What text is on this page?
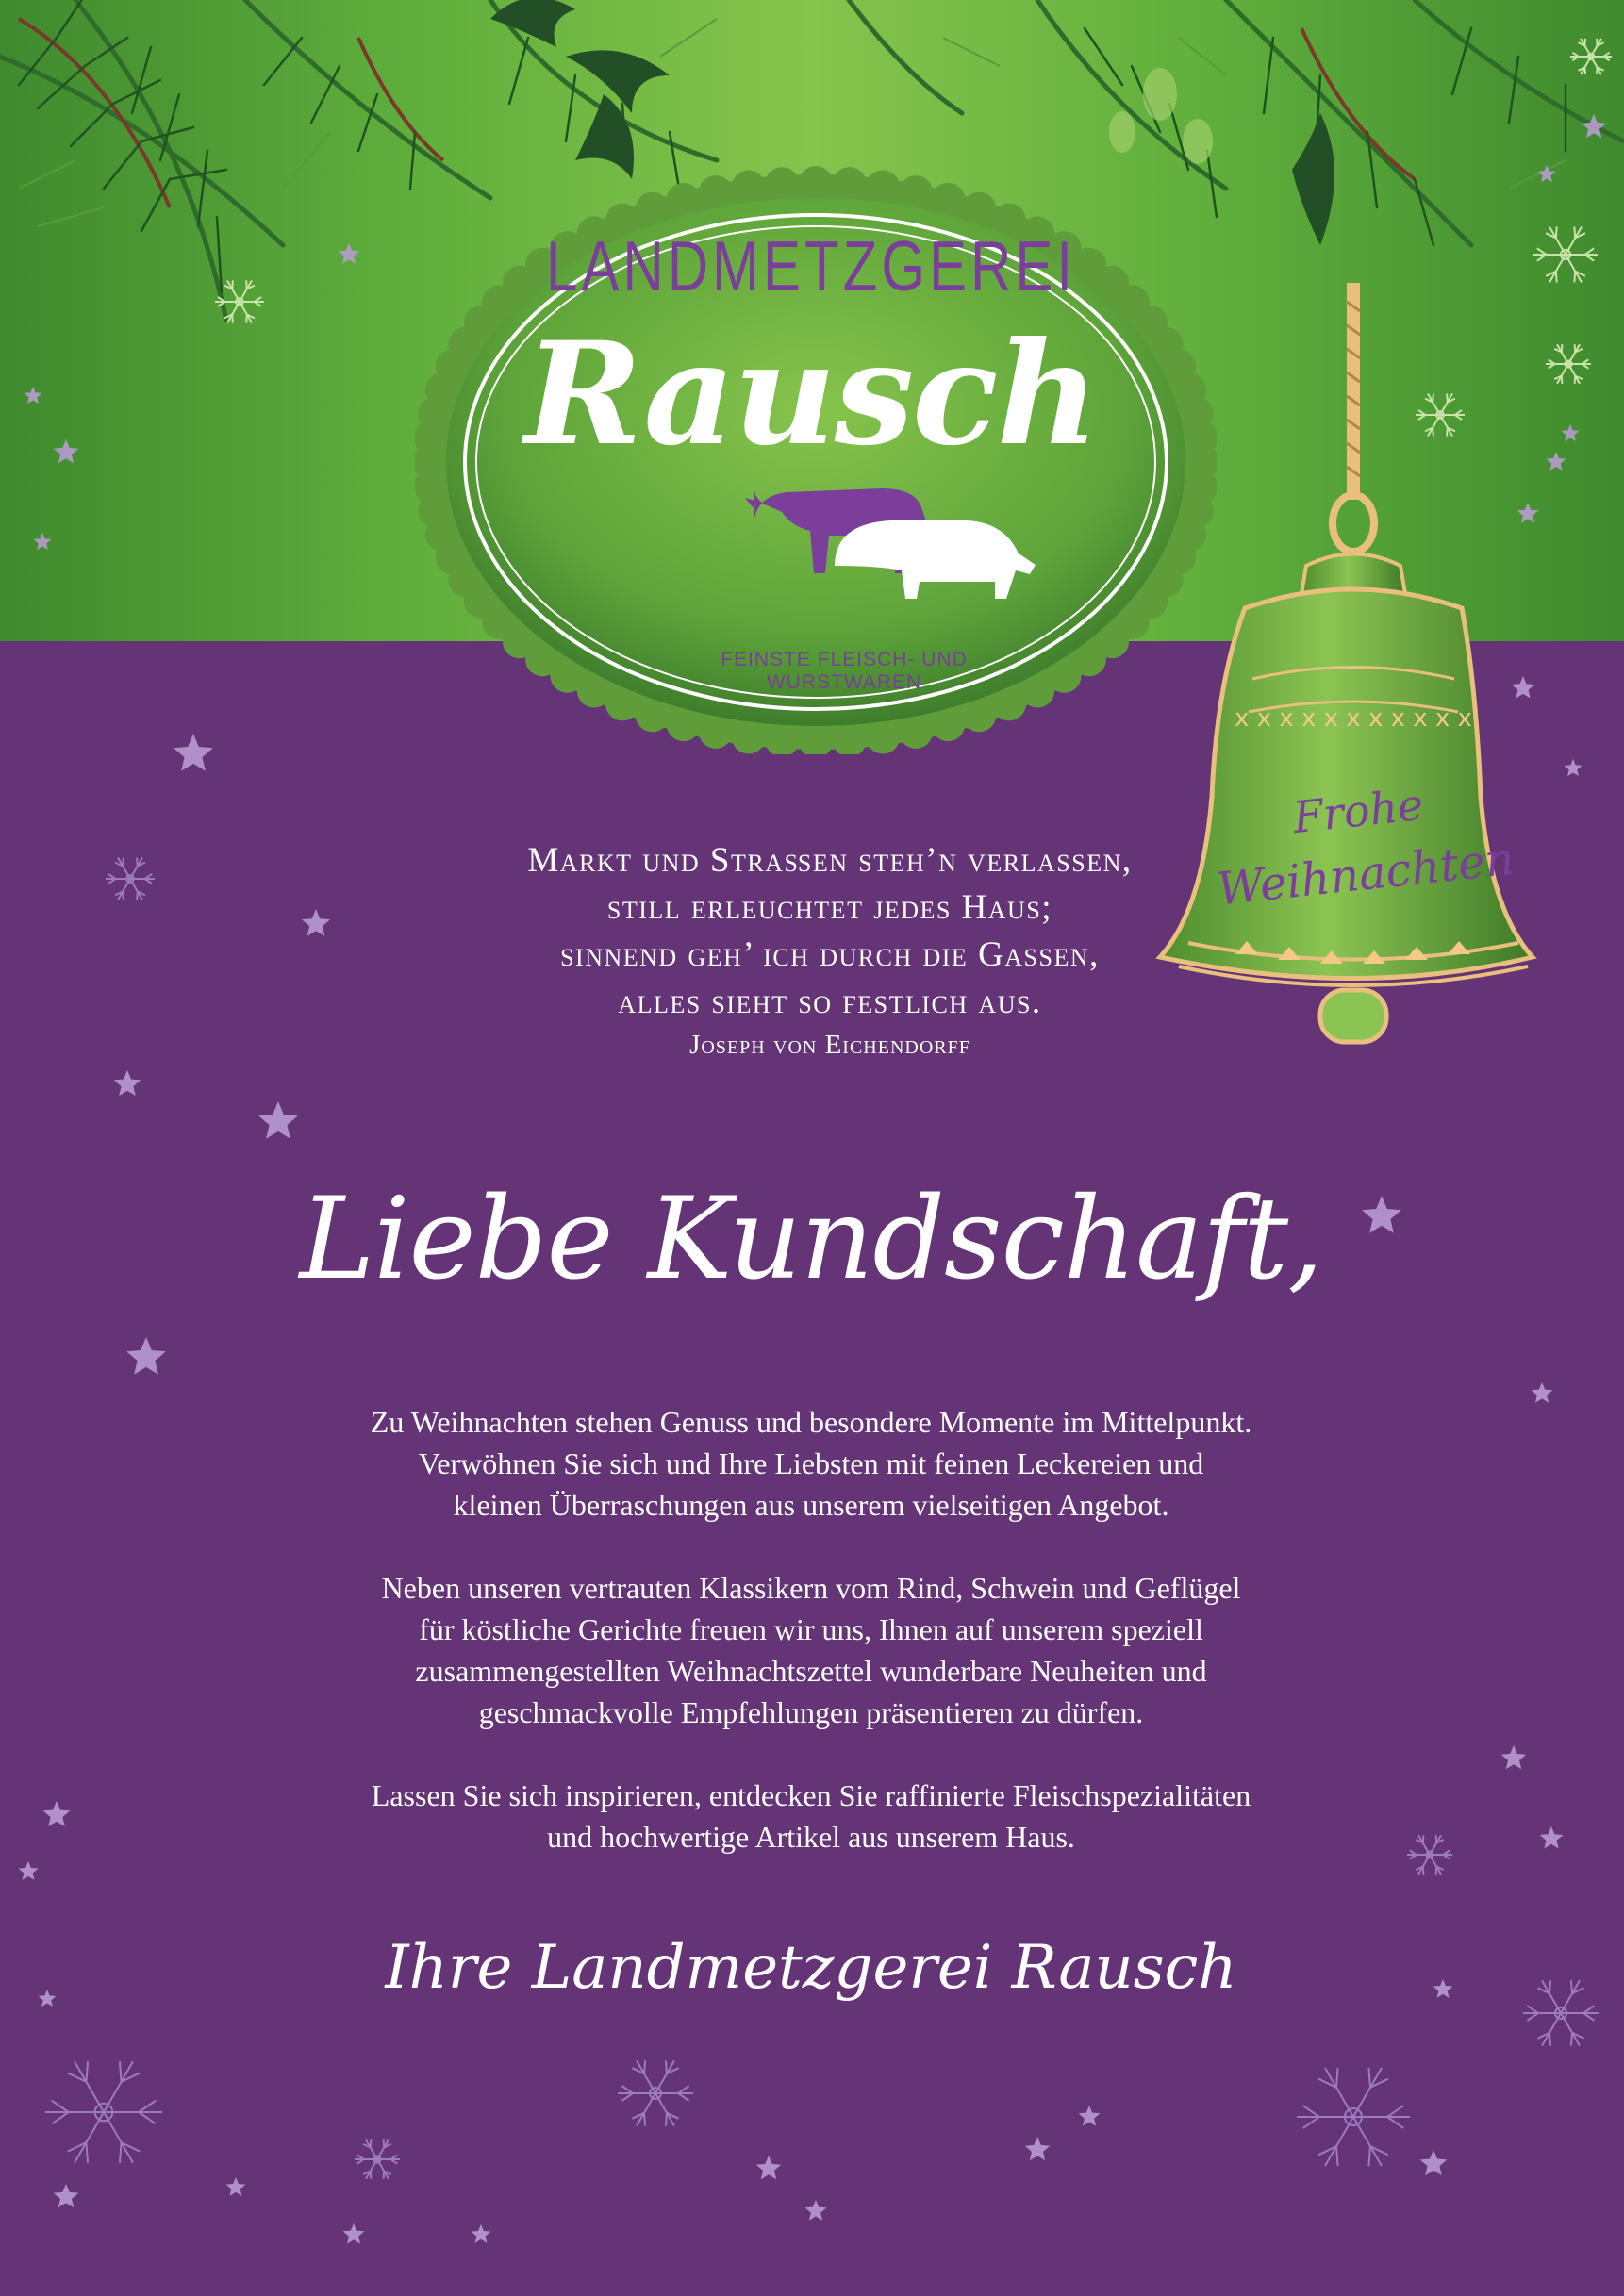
LANDMETZGEREI
Rausch
FEINSTE FLEISCH- UND WURSTWAREN
x x x x x x x x x x x
Frohe
Weihnachten
Markt und Straßen steh’n verlassen,
still erleuchtet jedes Haus;
sinnend geh’ ich durch die Gassen,
alles sieht so festlich aus.
Joseph von Eichendorff
Liebe Kundschaft,

Zu Weihnachten stehen Genuss und besondere Momente im Mittelpunkt.
Verwöhnen Sie sich und Ihre Liebsten mit feinen Leckereien und
kleinen Überraschungen aus unserem vielseitigen Angebot.

Neben unseren vertrauten Klassikern vom Rind, Schwein und Geflügel
für köstliche Gerichte freuen wir uns, Ihnen auf unserem speziell
zusammengestellten Weihnachtszettel wunderbare Neuheiten und
geschmackvolle Empfehlungen präsentieren zu dürfen.

Lassen Sie sich inspirieren, entdecken Sie raffinierte Fleischspezialitäten
und hochwertige Artikel aus unserem Haus.

Ihre Landmetzgerei Rausch
